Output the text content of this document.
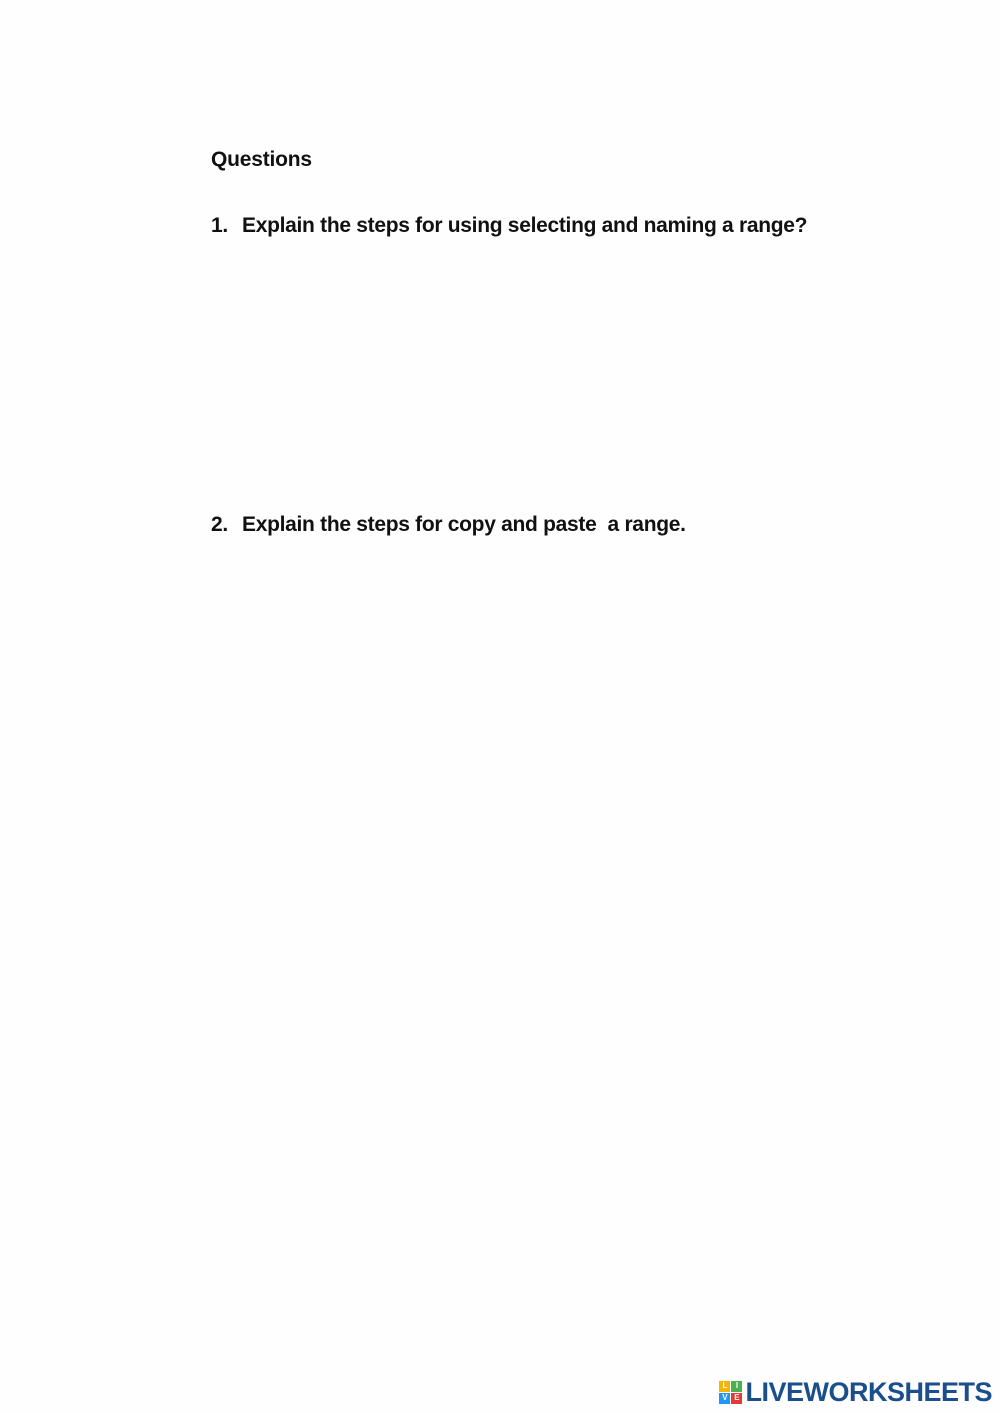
Questions
1. Explain the steps for using selecting and naming a range?
2. Explain the steps for copy and paste  a range.
L	I
V E LIVEWORKSHEETS
